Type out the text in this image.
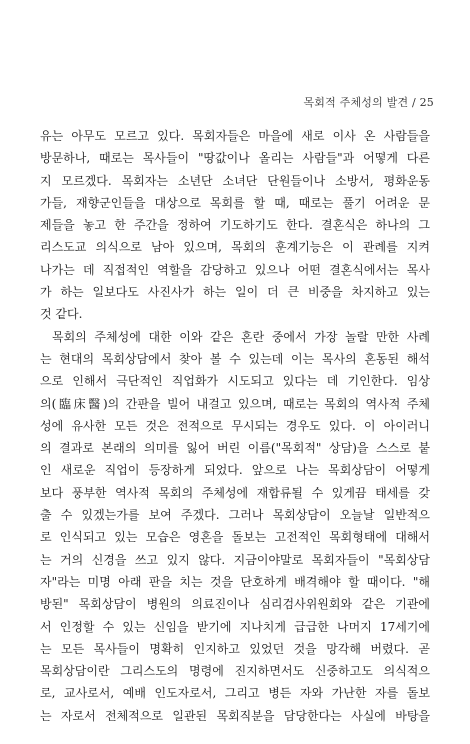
목회적 주체성의 발견 / 25

유는 아무도 모르고 있다. 목회자들은 마을에 새로 이사 온 사람들을
방문하나, 때로는 목사들이 "땅값이나 올리는 사람들"과 어떻게 다른
지 모르겠다. 목회자는 소년단 소녀단 단원들이나 소방서, 평화운동
가들, 재향군인들을 대상으로 목회를 할 때, 때로는 풀기 어려운 문
제들을 놓고 한 주간을 정하여 기도하기도 한다. 결혼식은 하나의 그
리스도교 의식으로 남아 있으며, 목회의 훈계기능은 이 관례를 지켜
나가는 데 직접적인 역할을 감당하고 있으나 어떤 결혼식에서는 목사
가 하는 일보다도 사진사가 하는 일이 더 큰 비중을 차지하고 있는
것 같다.

목회의 주체성에 대한 이와 같은 혼란 중에서 가장 놀랄 만한 사례
는 현대의 목회상담에서 찾아 볼 수 있는데 이는 목사의 혼동된 해석
으로 인해서 극단적인 직업화가 시도되고 있다는 데 기인한다. 임상
의(臨床醫)의 간판을 빌어 내걸고 있으며, 때로는 목회의 역사적 주체
성에 유사한 모든 것은 전적으로 무시되는 경우도 있다. 이 아이러니
의 결과로 본래의 의미를 잃어 버린 이름("목회적" 상담)을 스스로 붙
인 새로운 직업이 등장하게 되었다. 앞으로 나는 목회상담이 어떻게
보다 풍부한 역사적 목회의 주체성에 재합류될 수 있게끔 태세를 갖
출 수 있겠는가를 보여 주겠다. 그러나 목회상담이 오늘날 일반적으
로 인식되고 있는 모습은 영혼을 돌보는 고전적인 목회형태에 대해서
는 거의 신경을 쓰고 있지 않다. 지금이야말로 목회자들이 "목회상담
자"라는 미명 아래 판을 치는 것을 단호하게 배격해야 할 때이다. "해
방된" 목회상담이 병원의 의료진이나 심리검사위원회와 같은 기관에
서 인정할 수 있는 신임을 받기에 지나치게 급급한 나머지 17세기에
는 모든 목사들이 명확히 인지하고 있었던 것을 망각해 버렸다. 곧
목회상담이란 그리스도의 명령에 진지하면서도 신중하고도 의식적으
로, 교사로서, 예배 인도자로서, 그리고 병든 자와 가난한 자를 돌보
는 자로서 전체적으로 일관된 목회직분을 담당한다는 사실에 바탕을
